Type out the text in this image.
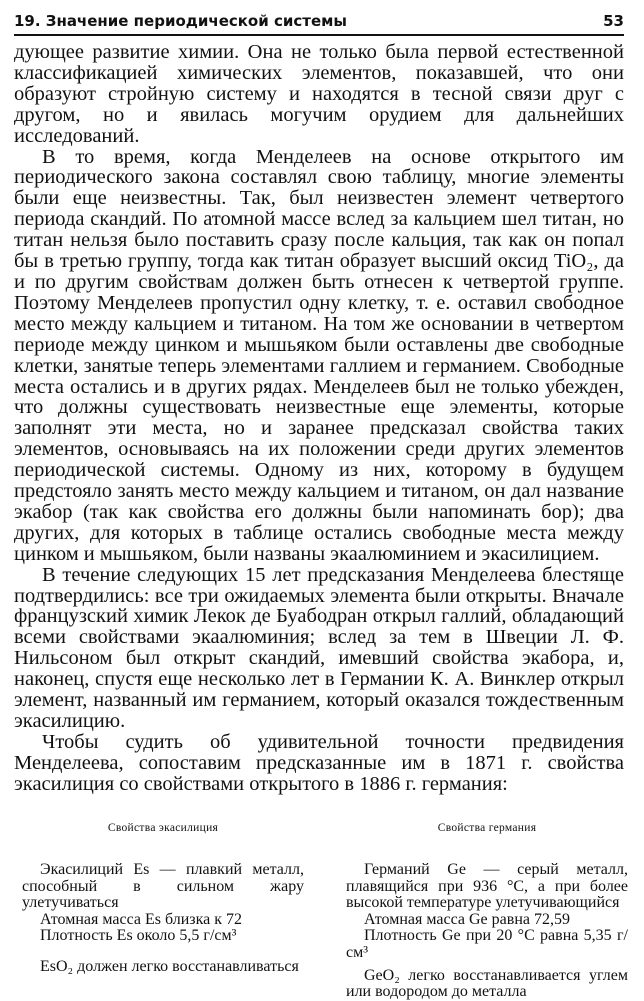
19. Значение периодической системы	53

дующее развитие химии. Она не только была первой естественной классификацией химических элементов, показавшей, что они образуют стройную систему и находятся в тесной связи друг с другом, но и явилась могучим орудием для дальнейших исследований.

В то время, когда Менделеев на основе открытого им периодического закона составлял свою таблицу, многие элементы были еще неизвестны. Так, был неизвестен элемент четвертого периода скандий. По атомной массе вслед за кальцием шел титан, но титан нельзя было поставить сразу после кальция, так как он попал бы в третью группу, тогда как титан образует высший оксид TiO₂, да и по другим свойствам должен быть отнесен к четвертой группе. Поэтому Менделеев пропустил одну клетку, т. е. оставил свободное место между кальцием и титаном. На том же основании в четвертом периоде между цинком и мышьяком были оставлены две свободные клетки, занятые теперь элементами галлием и германием. Свободные места остались и в других рядах. Менделеев был не только убежден, что должны существовать неизвестные еще элементы, которые заполнят эти места, но и заранее предсказал свойства таких элементов, основываясь на их положении среди других элементов периодической системы. Одному из них, которому в будущем предстояло занять место между кальцием и титаном, он дал название экабор (так как свойства его должны были напоминать бор); два других, для которых в таблице остались свободные места между цинком и мышьяком, были названы экаалюминием и экасилицием.

В течение следующих 15 лет предсказания Менделеева блестяще подтвердились: все три ожидаемых элемента были открыты. Вначале французский химик Лекок де Буабодран открыл галлий, обладающий всеми свойствами экаалюминия; вслед за тем в Швеции Л. Ф. Нильсоном был открыт скандий, имевший свойства экабора, и, наконец, спустя еще несколько лет в Германии К. А. Винклер открыл элемент, названный им германием, который оказался тождественным экасилицию.

Чтобы судить об удивительной точности предвидения Менделеева, сопоставим предсказанные им в 1871 г. свойства экасилиция со свойствами открытого в 1886 г. германия:

Свойства экасилиция

Экасилиций Es — плавкий металл, способный в сильном жару улетучиваться

Атомная масса Es близка к 72

Плотность Es около 5,5 г/см³

EsO₂ должен легко восстанавливаться

Свойства германия

Германий Ge — серый металл, плавящийся при 936 °C, а при более высокой температуре улетучивающийся

Атомная масса Ge равна 72,59

Плотность Ge при 20 °C равна 5,35 г/см³

GeO₂ легко восстанавливается углем или водородом до металла
